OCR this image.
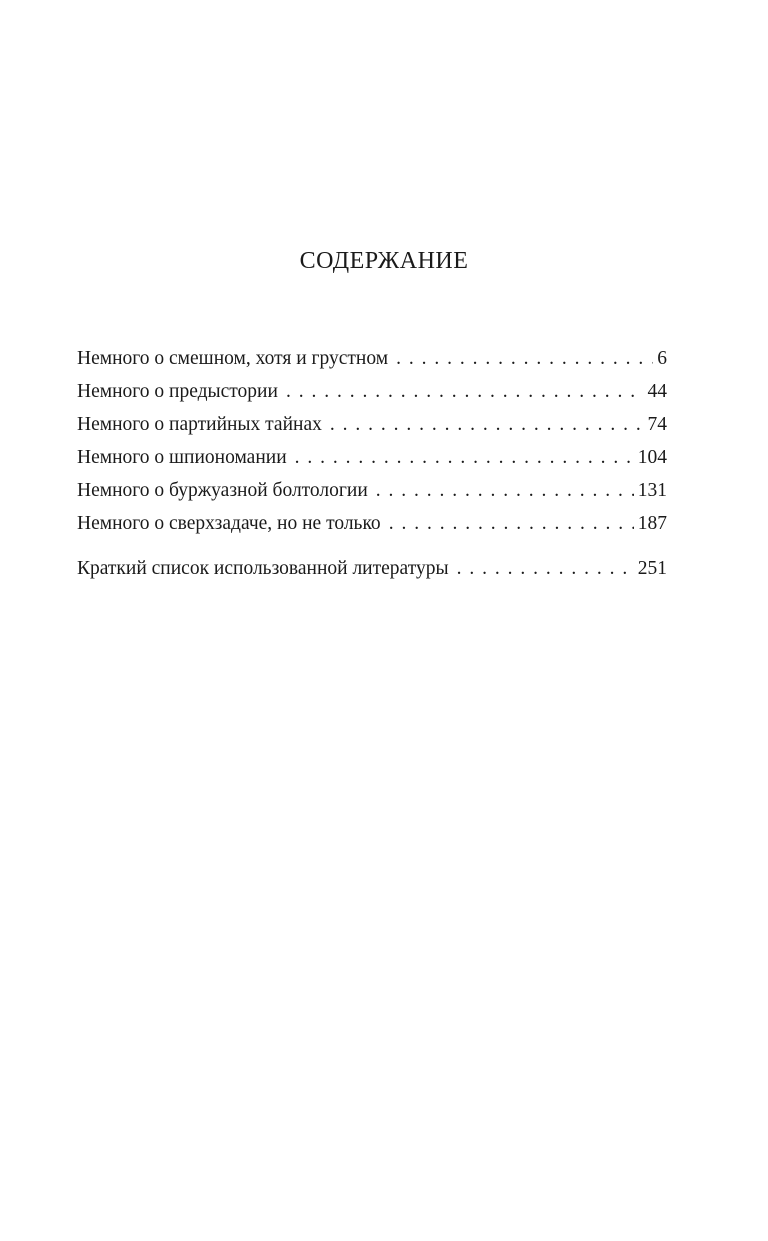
СОДЕРЖАНИЕ
Немного о смешном, хотя и грустном . . .	6
Немного о предыстории . . .	44
Немного о партийных тайнах . . .	74
Немного о шпиономании . . .	104
Немного о буржуазной болтологии . . .	131
Немного о сверхзадаче, но не только . . .	187
Краткий список использованной литературы . . .	251
